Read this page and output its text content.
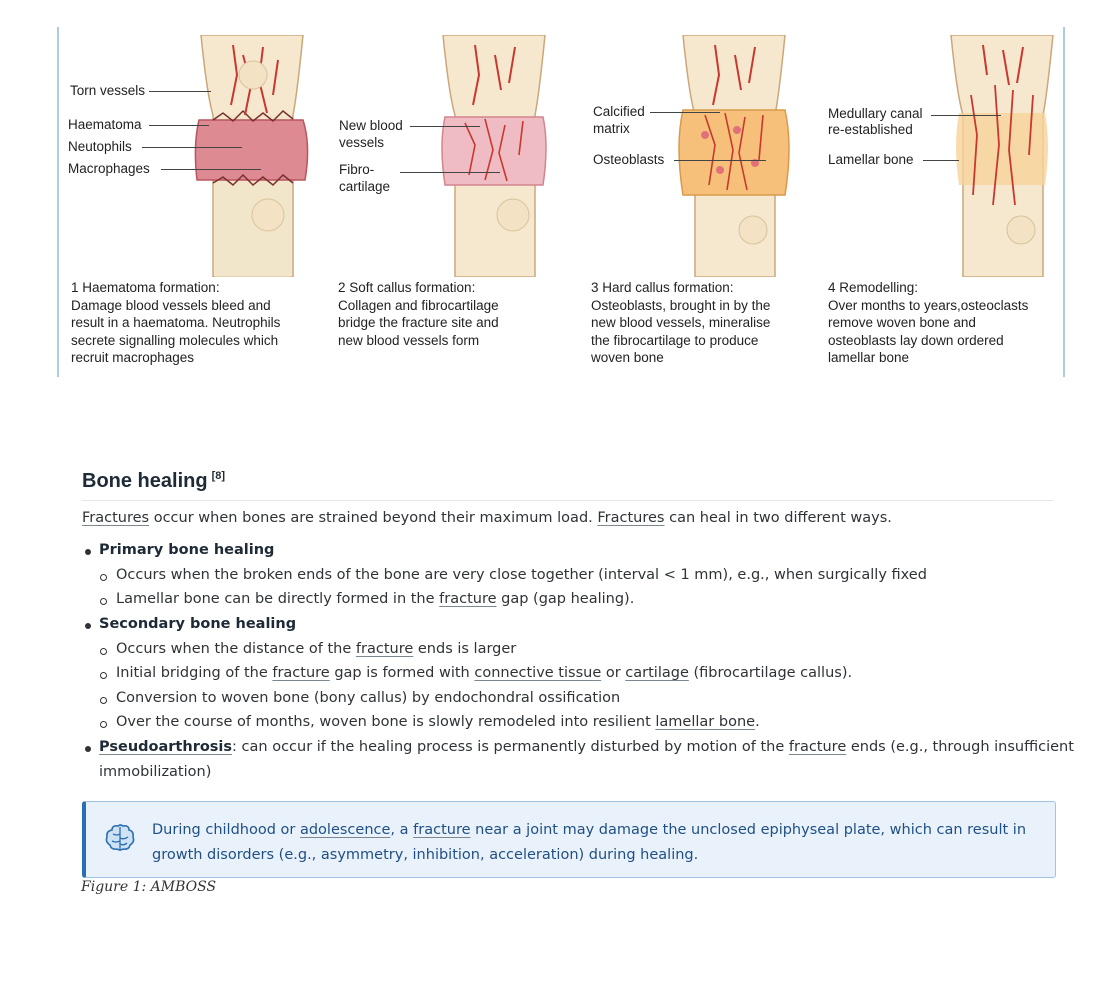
Torn vessels
Haematoma
Neutophils
Macrophages
1 Haematoma formation:
Damage blood vessels bleed and
result in a haematoma. Neutrophils
secrete signalling molecules which
recruit macrophages
New blood
vessels
Fibro-
cartilage
2 Soft callus formation:
Collagen and fibrocartilage
bridge the fracture site and
new blood vessels form
Calcified
matrix
Osteoblasts
3 Hard callus formation:
Osteoblasts, brought in by the
new blood vessels, mineralise
the fibrocartilage to produce
woven bone
Medullary canal
re-established
Lamellar bone
4 Remodelling:
Over months to years,osteoclasts
remove woven bone and
osteoblasts lay down ordered
lamellar bone
Bone healing [8]
Fractures occur when bones are strained beyond their maximum load. Fractures can heal in two different ways.
Primary bone healing
Occurs when the broken ends of the bone are very close together (interval < 1 mm), e.g., when surgically fixed
Lamellar bone can be directly formed in the fracture gap (gap healing).
Secondary bone healing
Occurs when the distance of the fracture ends is larger
Initial bridging of the fracture gap is formed with connective tissue or cartilage (fibrocartilage callus).
Conversion to woven bone (bony callus) by endochondral ossification
Over the course of months, woven bone is slowly remodeled into resilient lamellar bone.
Pseudoarthrosis: can occur if the healing process is permanently disturbed by motion of the fracture ends (e.g., through insufficient
immobilization)
During childhood or adolescence, a fracture near a joint may damage the unclosed epiphyseal plate, which can result in
growth disorders (e.g., asymmetry, inhibition, acceleration) during healing.
Figure 1: AMBOSS
